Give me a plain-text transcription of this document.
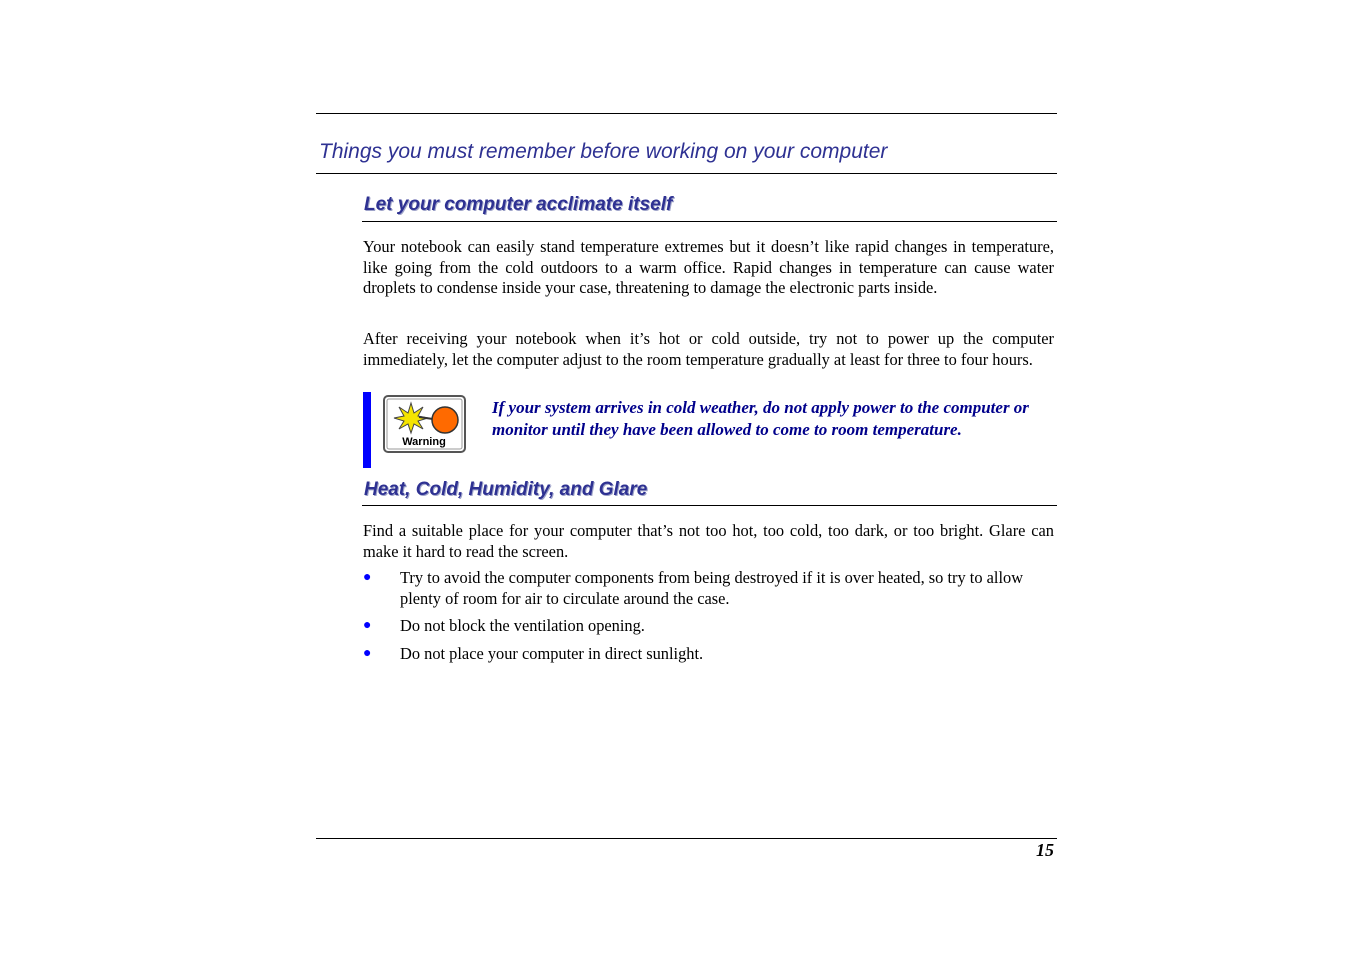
Things you must remember before working on your computer
Let your computer acclimate itself
Your notebook can easily stand temperature extremes but it doesn’t like rapid changes in temperature, like going from the cold outdoors to a warm office. Rapid changes in temperature can cause water droplets to condense inside your case, threatening to damage the electronic parts inside.
After receiving your notebook when it’s hot or cold outside, try not to power up the computer immediately, let the computer adjust to the room temperature gradually at least for three to four hours.
Warning
If your system arrives in cold weather, do not apply power to the computer or monitor until they have been allowed to come to room temperature.
Heat, Cold, Humidity, and Glare
Find a suitable place for your computer that’s not too hot, too cold, too dark, or too bright. Glare can make it hard to read the screen.
● Try to avoid the computer components from being destroyed if it is over heated, so try to allow plenty of room for air to circulate around the case.
● Do not block the ventilation opening.
● Do not place your computer in direct sunlight.
15
